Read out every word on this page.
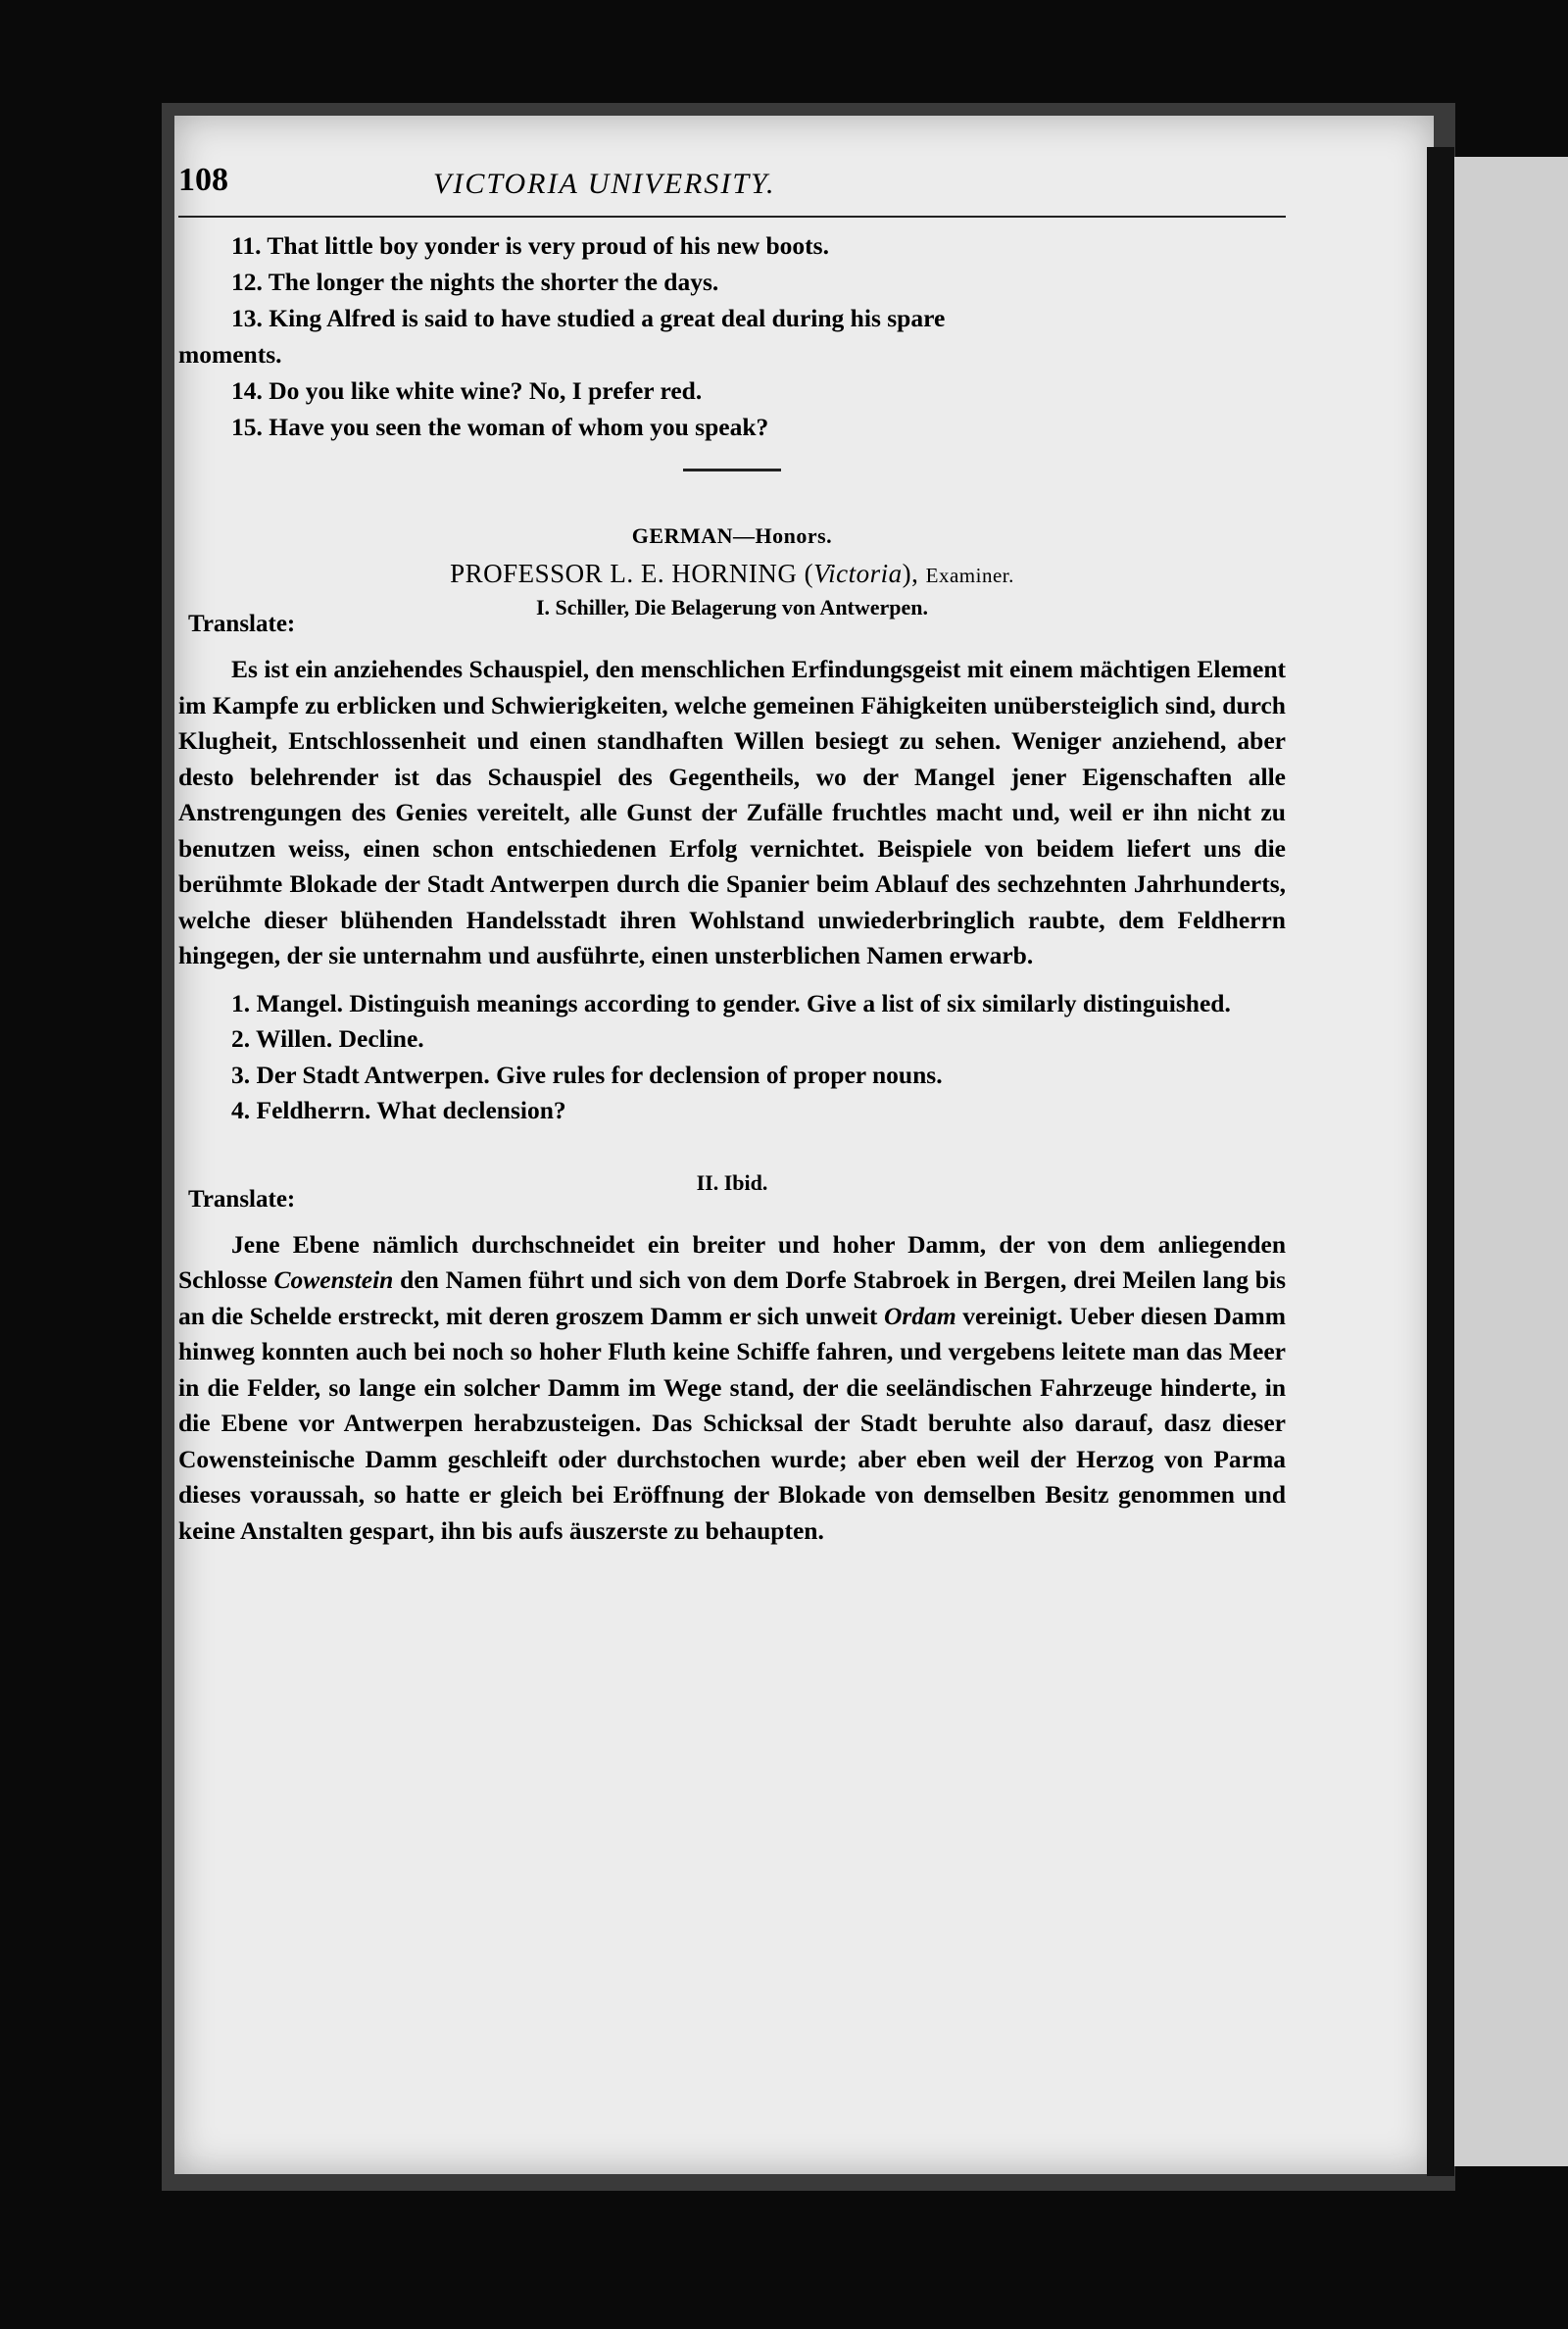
108	VICTORIA UNIVERSITY.
11. That little boy yonder is very proud of his new boots.
12. The longer the nights the shorter the days.
13. King Alfred is said to have studied a great deal during his spare
moments.
14. Do you like white wine? No, I prefer red.
15. Have you seen the woman of whom you speak?
GERMAN—Honors.
PROFESSOR L. E. HORNING (Victoria), Examiner.
Translate:
I. Schiller, Die Belagerung von Antwerpen.

Es ist ein anziehendes Schauspiel, den menschlichen Erfindungsgeist mit einem mächtigen Element im Kampfe zu erblicken und Schwierigkeiten, welche gemeinen Fähigkeiten unübersteiglich sind, durch Klugheit, Entschlossenheit und einen standhaften Willen besiegt zu sehen. Weniger anziehend, aber desto belehrender ist das Schauspiel des Gegentheils, wo der Mangel jener Eigenschaften alle Anstrengungen des Genies vereitelt, alle Gunst der Zufälle fruchtles macht und, weil er ihn nicht zu benutzen weiss, einen schon entschiedenen Erfolg vernichtet. Beispiele von beidem liefert uns die berühmte Blokade der Stadt Antwerpen durch die Spanier beim Ablauf des sechzehnten Jahrhunderts, welche dieser blühenden Handelsstadt ihren Wohlstand unwiederbringlich raubte, dem Feldherrn hingegen, der sie unternahm und ausführte, einen unsterblichen Namen erwarb.

1. Mangel. Distinguish meanings according to gender. Give a list of six similarly distinguished.
2. Willen. Decline.
3. Der Stadt Antwerpen. Give rules for declension of proper nouns.
4. Feldherrn. What declension?
Translate:
II. Ibid.

Jene Ebene nämlich durchschneidet ein breiter und hoher Damm, der von dem anliegenden Schlosse Cowenstein den Namen führt und sich von dem Dorfe Stabroek in Bergen, drei Meilen lang bis an die Schelde erstreckt, mit deren groszem Damm er sich unweit Ordam vereinigt. Ueber diesen Damm hinweg konnten auch bei noch so hoher Fluth keine Schiffe fahren, und vergebens leitete man das Meer in die Felder, so lange ein solcher Damm im Wege stand, der die seeländischen Fahrzeuge hinderte, in die Ebene vor Antwerpen herabzusteigen. Das Schicksal der Stadt beruhte also darauf, dasz dieser Cowensteinische Damm geschleift oder durchstochen wurde; aber eben weil der Herzog von Parma dieses voraussah, so hatte er gleich bei Eröffnung der Blokade von demselben Besitz genommen und keine Anstalten gespart, ihn bis aufs äuszerste zu behaupten.
